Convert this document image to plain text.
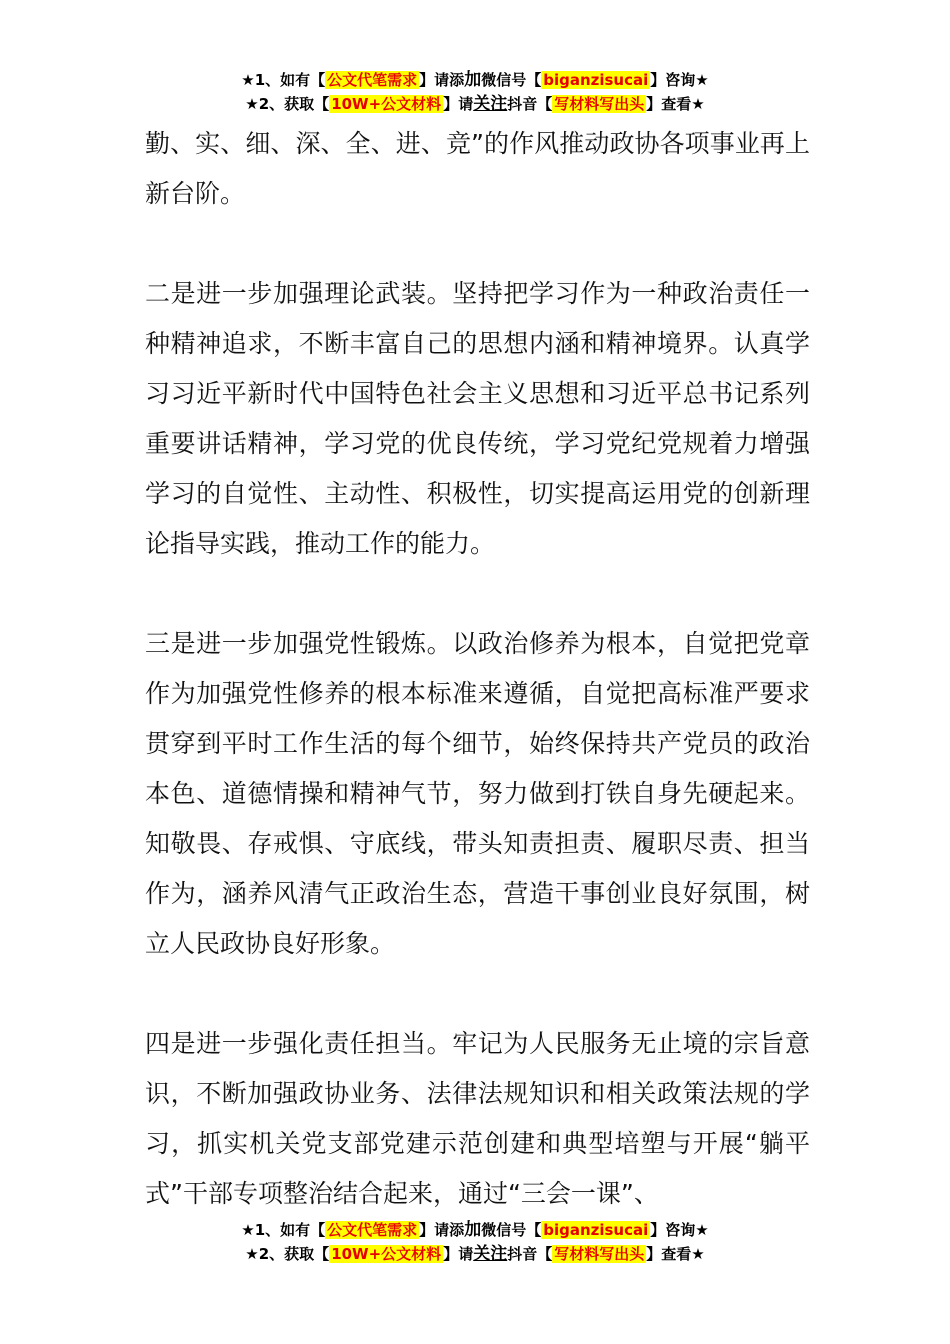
★1、如有【 公文代笔需求 】请添加微信号【 biganzisucai 】咨询★
★2、获取【 10W+公文材料 】请关注抖音【 写材料写出头 】查看★

勤、实、细、深、全、进、竞”的作风推动政协各项事业再上新台阶。

二是进一步加强理论武装。坚持把学习作为一种政治责任一种精神追求，不断丰富自己的思想内涵和精神境界。认真学习习近平新时代中国特色社会主义思想和习近平总书记系列重要讲话精神，学习党的优良传统，学习党纪党规着力增强学习的自觉性、主动性、积极性，切实提高运用党的创新理论指导实践，推动工作的能力。

三是进一步加强党性锻炼。以政治修养为根本，自觉把党章作为加强党性修养的根本标准来遵循，自觉把高标准严要求贯穿到平时工作生活的每个细节，始终保持共产党员的政治本色、道德情操和精神气节，努力做到打铁自身先硬起来。知敬畏、存戒惧、守底线，带头知责担责、履职尽责、担当作为，涵养风清气正政治生态，营造干事创业良好氛围，树立人民政协良好形象。

四是进一步强化责任担当。牢记为人民服务无止境的宗旨意识，不断加强政协业务、法律法规知识和相关政策法规的学习，抓实机关党支部党建示范创建和典型培塑与开展“躺平式”干部专项整治结合起来，通过“三会一课”、

★1、如有【 公文代笔需求 】请添加微信号【 biganzisucai 】咨询★
★2、获取【 10W+公文材料 】请关注抖音【 写材料写出头 】查看★
